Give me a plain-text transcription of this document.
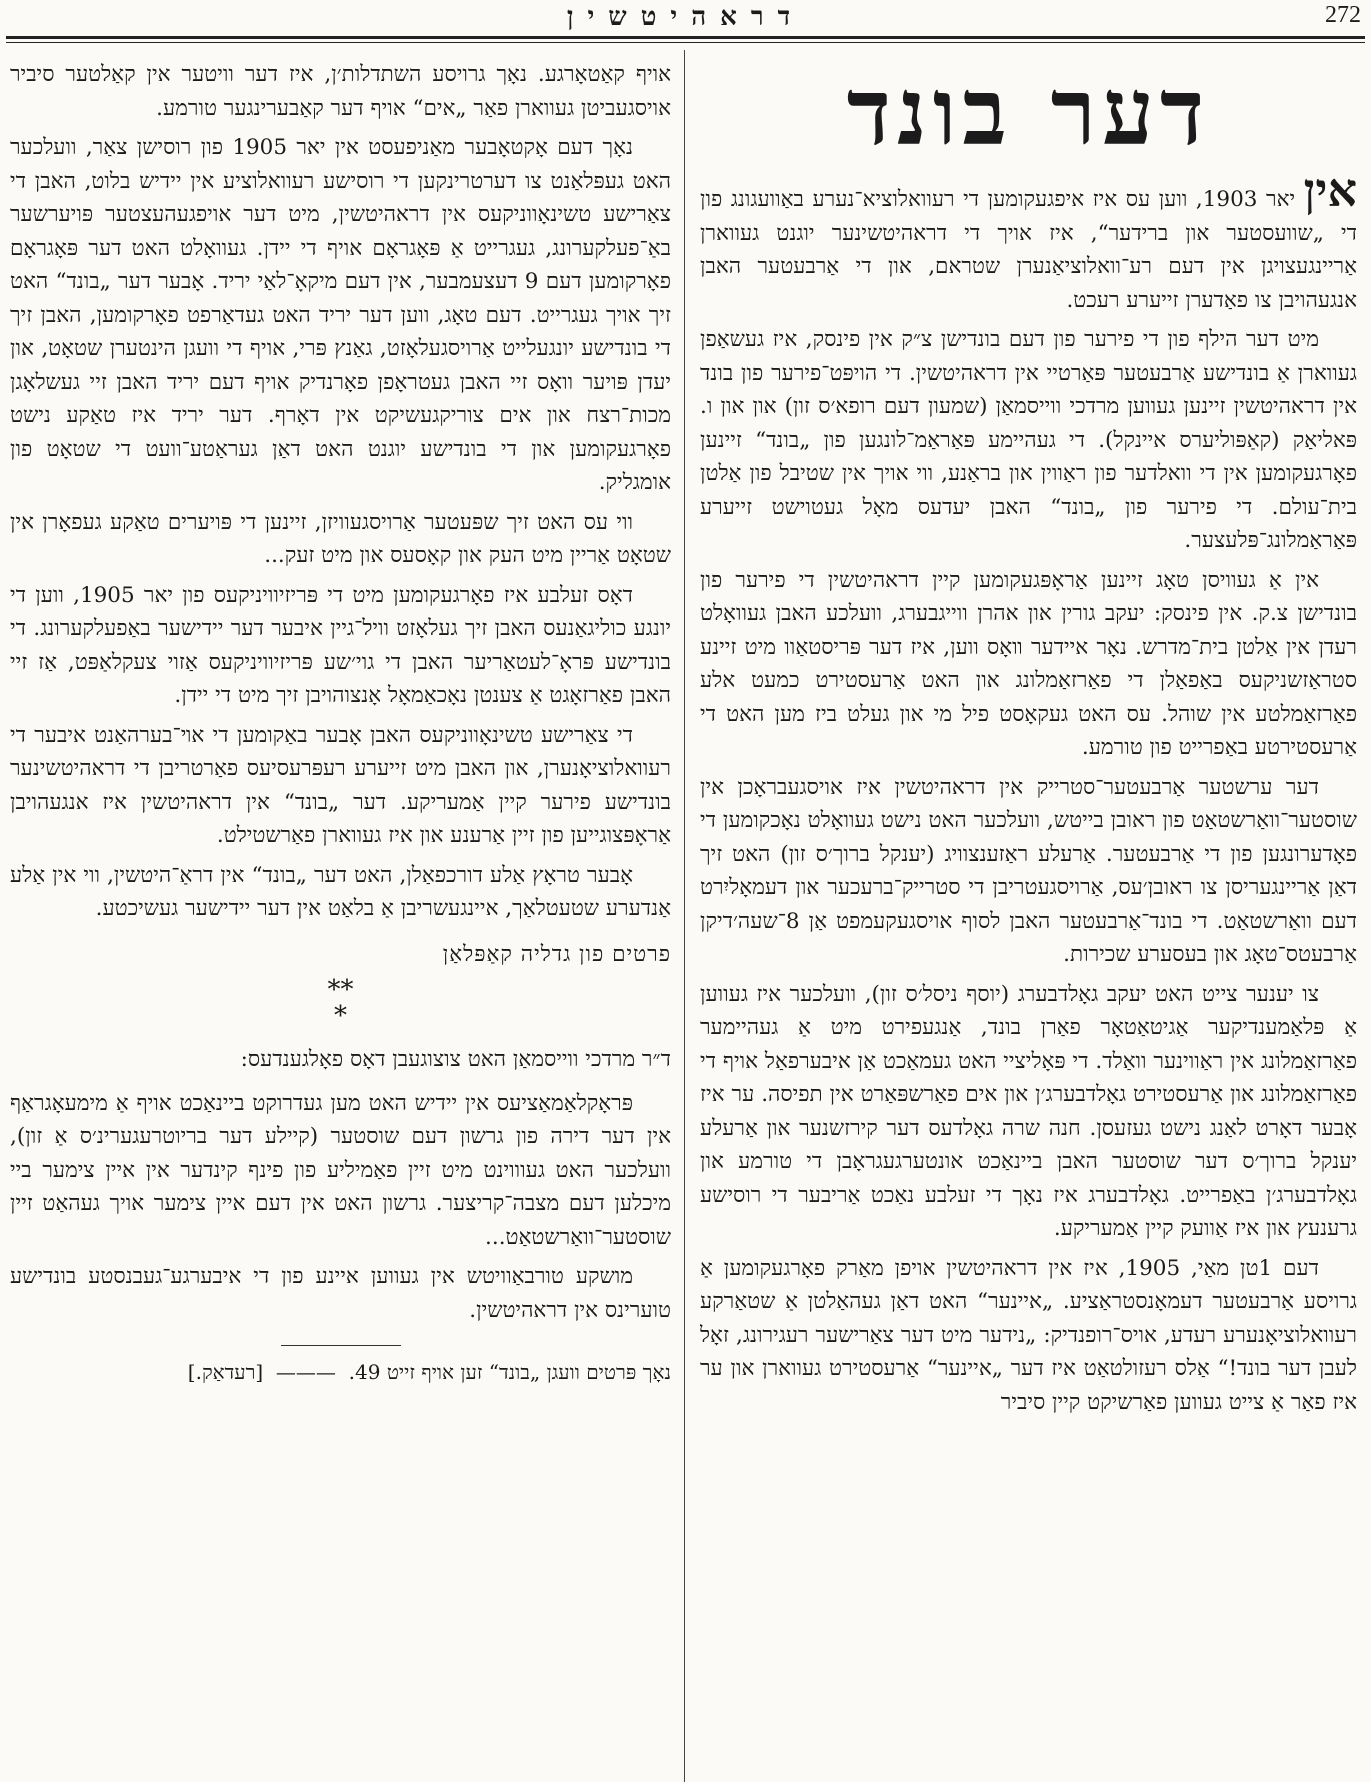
דראהיטשין	272
דער בונד

אין יאר 1903, ווען עס איז איפגעקומען די רעוואלוציא־נערע באַוועגונג פון די „שוועסטער און ברידער“, איז אויך די דראהיטשינער יוגנט געווארן אַריינגעצויגן אין דעם רע־וואלוציאַנערן שטראם, און די אַרבעטער האבן אנגעהויבן צו פאַדערן זייערע רעכט.

מיט דער הילף פון די פירער פון דעם בונדישן צ״ק אין פינסק, איז געשאַפן געווארן אַ בונדישע אַרבעטער פּאַרטיי אין דראהיטשין. די הויפּט־פירער פון בונד אין דראהיטשין זיינען געווען מרדכי ווייסמאַן (שמעון דעם רופא׳ס זון) און און ו. פּאליאַק (קאַפּוליערס איינקל). די געהיימע פּאַראַמ־לונגען פון „בונד“ זיינען פאָרגעקומען אין די וואלדער פון ראַווין און בראַנע, ווי אויך אין שטיבל פון אַלטן בית־עולם. די פירער פון „בונד“ האבן יעדעס מאָל געטוישט זייערע פּאַראַמלונג־פּלעצער.

אין אַ געוויסן טאָג זיינען אַראָפּגעקומען קיין דראהיטשין די פירער פון בונדישן צ.ק. אין פינסק: יעקב גורין און אהרן ווייגבערג, וועלכע האבן געוואָלט רעדן אין אַלטן בית־מדרש. נאָר איידער װאָס ווען, איז דער פּריסטאַוו מיט זיינע סטראַזשניקעס באַפאַלן די פאַרזאַמלונג און האט אַרעסטירט כמעט אלע פאַרזאַמלטע אין שוהל. עס האט געקאָסט פיל מי און געלט ביז מען האט די אַרעסטירטע באַפרייט פון טורמע.

דער ערשטער אַרבעטער־סטרייק אין דראהיטשין איז אויסגעבראָכן אין שוסטער־וואַרשטאַט פון ראובן בייטש, וועלכער האט נישט געוואָלט נאָכקומען די פאָדערונגען פון די אַרבעטער. אַרעלע ראַזענצוויג (יענקל ברוך׳ס זון) האט זיך דאַן אַריינגעריסן צו ראובן׳עס, אַרויסגעטריבן די סטרייק־ברעכער און דעמאָליִרט דעם וואַרשטאַט. די בונד־אַרבעטער האבן לסוף אויסגעקעמפט אַן 8־שעה׳דיקן אַרבעטס־טאָג און בעסערע שכירות.

צו יענער צייט האט יעקב גאָלדבערג (יוסף ניסל׳ס זון), וועלכער איז געווען אַ פּלאַמענדיקער אַגיטאַטאָר פאַרן בונד, אַנגעפירט מיט אַ געהיימער פאַרזאַמלונג אין ראַווינער וואַלד. די פּאָליציי האט געמאַכט אַן איבערפאַל אויף די פאַרזאַמלונג און אַרעסטירט גאָלדבערג׳ן און אים פאַרשפּאַרט אין תפיסה. ער איז אָבער דאָרט לאַנג נישט געזעסן. חנה שרה גאָלדעס דער קירזשנער און אַרעלע יענקל ברוך׳ס דער שוסטער האבן ביינאַכט אונטערגעגראָבן די טורמע און גאָלדבערג׳ן באַפרייט. גאָלדבערג איז נאָך די זעלבע נאַכט אַריבער די רוסישע גרענעץ און איז אַוועק קיין אַמעריקע.

דעם 1טן מאַי, 1905, איז אין דראהיטשין אויפן מאַרק פאָרגעקומען אַ גרויסע אַרבעטער דעמאָנסטראַציע. „איינער“ האט דאַן געהאַלטן אַ שטאַרקע רעוואלוציאָנערע רעדע, אויס־רופנדיק: „נידער מיט דער צאַרישער רעגירונג, זאָל לעבן דער בונד!“ אַלס רעזולטאַט איז דער „איינער“ אַרעסטירט געווארן און ער איז פאַר אַ צייט געווען פאַרשיקט קיין סיביר

אויף קאַטאָרגע. נאָך גרויסע השתדלות׳ן, איז דער וויטער אין קאַלטער סיביר אויסגעביטן געווארן פאַר „אים“ אויף דער קאַבערינגער טורמע.

נאָך דעם אָקטאָבער מאַניפעסט אין יאר 1905 פון רוסישן צאַר, וועלכער האט געפּלאַנט צו דערטרינקען די רוסישע רעוואלוציע אין יידיש בלוט, האבן די צאַרישע טשינאָווניקעס אין דראהיטשין, מיט דער אויפגעהעצטער פּויערשער באַ־פעלקערונג, געגרייט אַ פּאָגראָם אויף די יידן. געוואָלט האט דער פּאָגראָם פאָרקומען דעם 9 דעצעמבער, אין דעם מיקאָ־לאַי יריד. אָבער דער „בונד“ האט זיך אויך געגרייט. דעם טאָג, ווען דער יריד האט געדאַרפט פאָרקומען, האבן זיך די בונדישע יונגעלייט אַרויסגעלאָזט, גאַנץ פּרי, אויף די וועגן הינטערן שטאָט, און יעדן פּויער וואָס זיי האבן געטראָפן פאָרנדיק אויף דעם יריד האבן זיי געשלאָגן מכות־רצח און אים צוריקגעשיקט אין דאָרף. דער יריד איז טאַקע נישט פאָרגעקומען און די בונדישע יוגנט האט דאַן געראַטע־וועט די שטאָט פון אומגליק.

ווי עס האט זיך שפּעטער אַרויסגעוויזן, זיינען די פּויערים טאַקע געפאָרן אין שטאָט אַריין מיט העק און קאָסעס און מיט זעק...

דאָס זעלבע איז פאָרגעקומען מיט די פּריזיוויניקעס פון יאר 1905, ווען די יונגע כוליגאַנעס האבן זיך געלאָזט וויל־גיין איבער דער יידישער באַפעלקערונג. די בונדישע פּראָ־לעטאַריער האבן די גוי׳שע פּריזיוויניקעס אַזוי צעקלאַפּט, אַז זיי האבן פאַרזאָגט אַ צענטן נאָכאַמאָל אָנצוהויבן זיך מיט די יידן.

די צאַרישע טשינאָווניקעס האבן אָבער באַקומען די אױ־בערהאַנט איבער די רעוואלוציאָנערן, און האבן מיט זייערע רעפּרעסיעס פאַרטריבן די דראהיטשינער בונדישע פירער קיין אַמעריקע. דער „בונד“ אין דראהיטשין איז אנגעהויבן אַראָפּצוגייען פון זיין אַרענע און איז געווארן פאַרשטילט.

אָבער טראָץ אַלע דורכפאַלן, האט דער „בונד“ אין דראַ־היטשין, ווי אין אַלע אַנדערע שטעטלאַך, איינגעשריבן אַ בלאַט אין דער יידישער געשיכטע.

פרטים פון גדליה קאַפּלאַן
**
*
ד״ר מרדכי ווייסמאַן האט צוצוגעבן דאָס פאָלגענדעס:

פּראָקלאַמאַציעס אין יידיש האט מען געדרוקט ביינאַכט אויף אַ מימעאָגראַף אין דער דירה פון גרשון דעם שוסטער (קיילע דער בריוטרעגערינ׳ס אַ זון), וועלכער האט געוווינט מיט זיין פאַמיליע פון פינף קינדער אין איין צימער ביי מיכלען דעם מצבה־קריצער. גרשון האט אין דעם איין צימער אויך געהאַט זיין שוסטער־וואַרשטאַט...

מושקע טורבאַוויטש אין געווען איינע פון די איבערגע־געבנסטע בונדישע טוערינס אין דראהיטשין.

נאָך פּרטים וועגן „בונד“ זען אויף זייט 49.  ———  [רעדאַק.]
